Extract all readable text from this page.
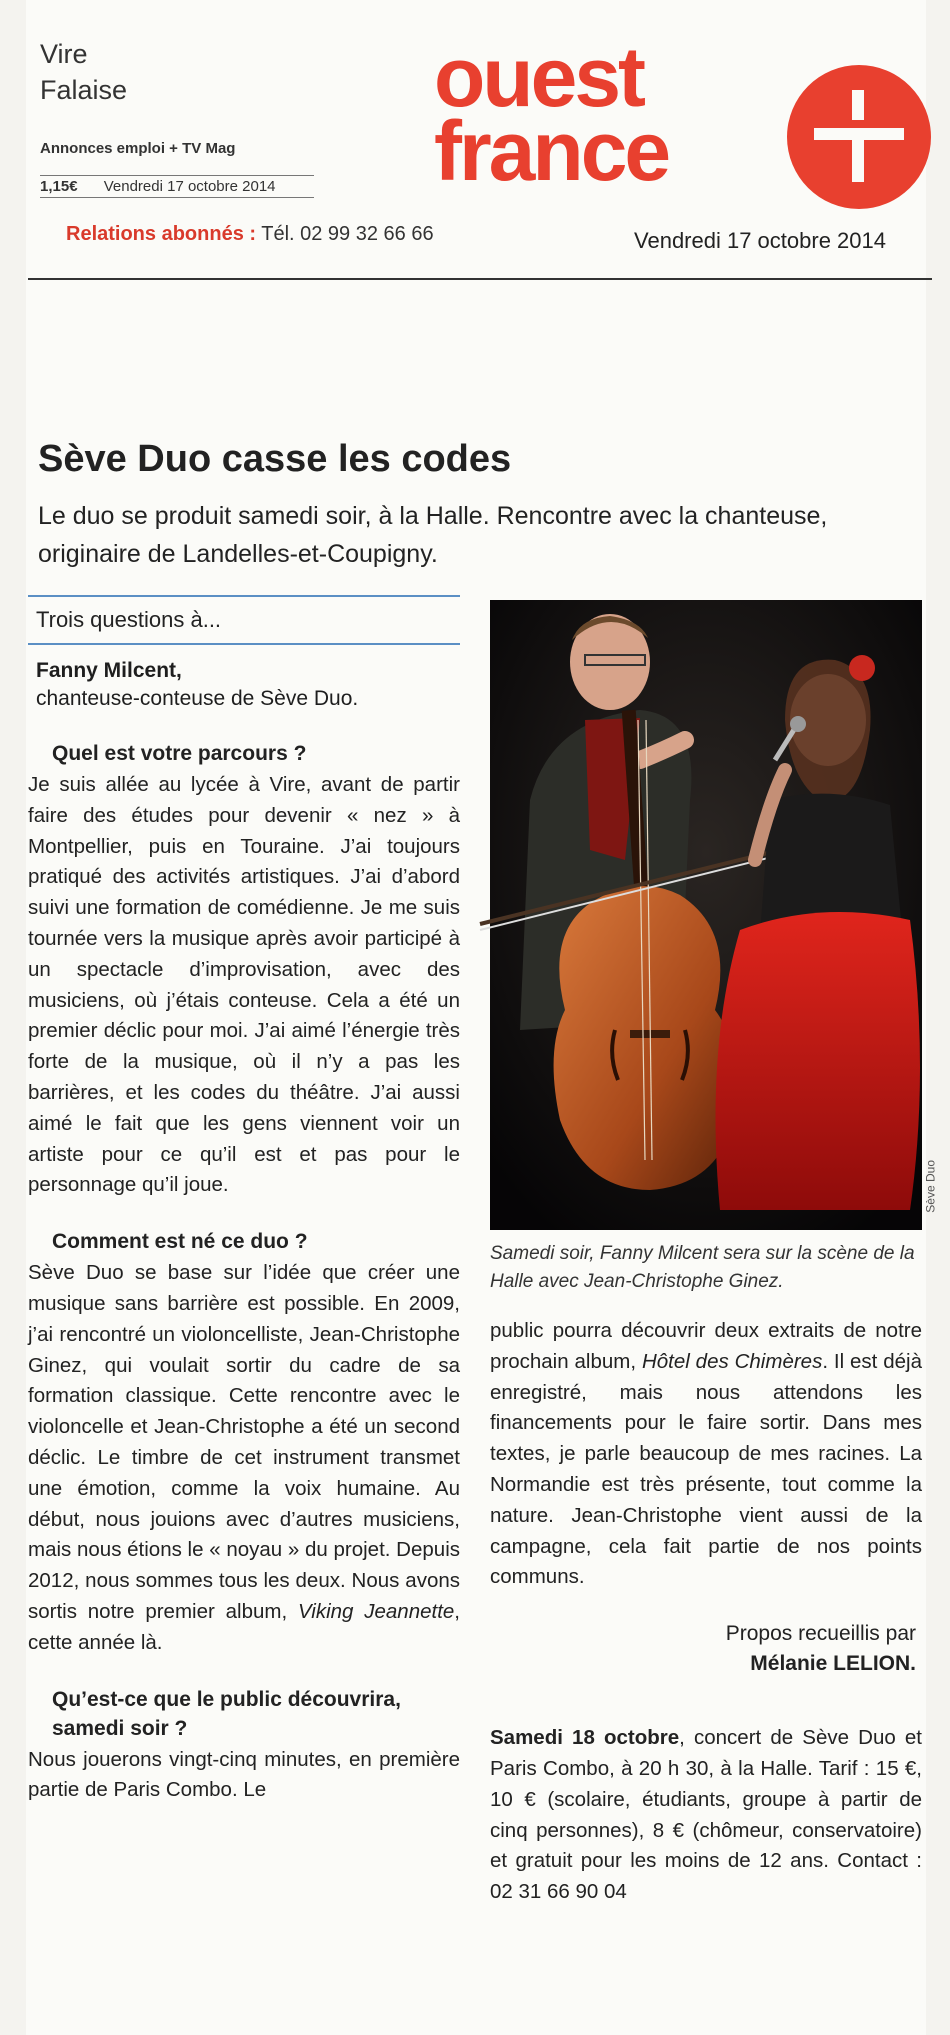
Vire
Falaise
Annonces emploi + TV Mag
1,15€ Vendredi 17 octobre 2014
ouest
france
Relations abonnés : Tél. 02 99 32 66 66	Vendredi 17 octobre 2014
Sève Duo casse les codes

Le duo se produit samedi soir, à la Halle. Rencontre avec la chanteuse, originaire de Landelles-et-Coupigny.

Trois questions à...
Fanny Milcent,
chanteuse-conteuse de Sève Duo.
Quel est votre parcours ?

Je suis allée au lycée à Vire, avant de partir faire des études pour devenir « nez » à Montpellier, puis en Touraine. J’ai toujours pratiqué des activités artistiques. J’ai d’abord suivi une formation de comédienne. Je me suis tournée vers la musique après avoir participé à un spectacle d’improvisation, avec des musiciens, où j’étais conteuse. Cela a été un premier déclic pour moi. J’ai aimé l’énergie très forte de la musique, où il n’y a pas les barrières, et les codes du théâtre. J’ai aussi aimé le fait que les gens viennent voir un artiste pour ce qu’il est et pas pour le personnage qu’il joue.

Comment est né ce duo ?

Sève Duo se base sur l’idée que créer une musique sans barrière est possible. En 2009, j’ai rencontré un violoncelliste, Jean-Christophe Ginez, qui voulait sortir du cadre de sa formation classique. Cette rencontre avec le violoncelle et Jean-Christophe a été un second déclic. Le timbre de cet instrument transmet une émotion, comme la voix humaine. Au début, nous jouions avec d’autres musiciens, mais nous étions le « noyau » du projet. Depuis 2012, nous sommes tous les deux. Nous avons sortis notre premier album, Viking Jeannette, cette année là.

Qu’est-ce que le public découvrira, samedi soir ?

Nous jouerons vingt-cinq minutes, en première partie de Paris Combo. Le

Sève Duo

Samedi soir, Fanny Milcent sera sur la scène de la Halle avec Jean-Christophe Ginez.

public pourra découvrir deux extraits de notre prochain album, Hôtel des Chimères. Il est déjà enregistré, mais nous attendons les financements pour le faire sortir. Dans mes textes, je parle beaucoup de mes racines. La Normandie est très présente, tout comme la nature. Jean-Christophe vient aussi de la campagne, cela fait partie de nos points communs.

Propos recueillis par
Mélanie LELION.

Samedi 18 octobre, concert de Sève Duo et Paris Combo, à 20 h 30, à la Halle. Tarif : 15 €, 10 € (scolaire, étudiants, groupe à partir de cinq personnes), 8 € (chômeur, conservatoire) et gratuit pour les moins de 12 ans. Contact : 02 31 66 90 04
